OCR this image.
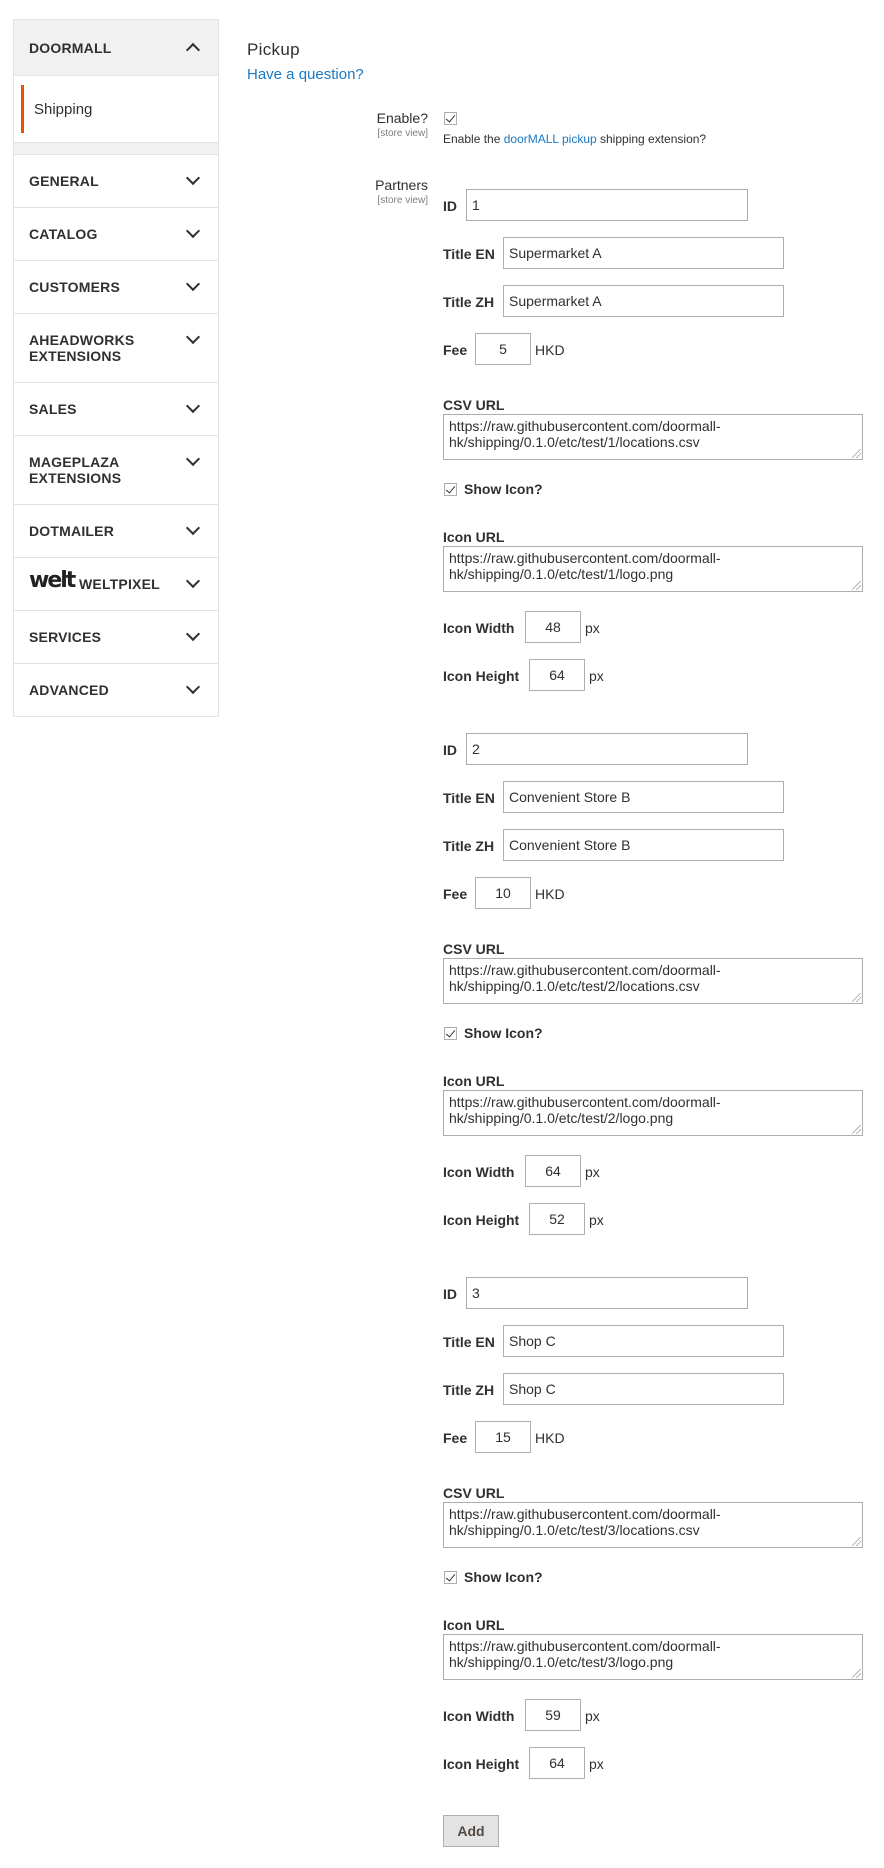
DOORMALL
Shipping
GENERAL
CATALOG
CUSTOMERS
AHEADWORKS EXTENSIONS
SALES
MAGEPLAZA EXTENSIONS
DOTMAILER
welt WELTPIXEL
SERVICES
ADVANCED
Pickup
Have a question?
Enable?
[store view] Enable the doorMALL pickup shipping extension?
Partners
[store view] ID	1
Title EN	Supermarket A
Title ZH	Supermarket A
Fee	5	HKD
CSV URL
https://raw.githubusercontent.com/doormall-
hk/shipping/0.1.0/etc/test/1/locations.csv
Show Icon?
Icon URL
https://raw.githubusercontent.com/doormall-
hk/shipping/0.1.0/etc/test/1/logo.png
Icon Width	48	px
Icon Height	64	px
ID	2
Title EN	Convenient Store B
Title ZH	Convenient Store B
Fee	10	HKD
CSV URL
https://raw.githubusercontent.com/doormall-
hk/shipping/0.1.0/etc/test/2/locations.csv
Show Icon?
Icon URL
https://raw.githubusercontent.com/doormall-
hk/shipping/0.1.0/etc/test/2/logo.png
Icon Width	64	px
Icon Height	52	px
ID	3
Title EN	Shop C
Title ZH	Shop C
Fee	15	HKD
CSV URL
https://raw.githubusercontent.com/doormall-
hk/shipping/0.1.0/etc/test/3/locations.csv
Show Icon?
Icon URL
https://raw.githubusercontent.com/doormall-
hk/shipping/0.1.0/etc/test/3/logo.png
Icon Width	59	px
Icon Height	64	px
Add
